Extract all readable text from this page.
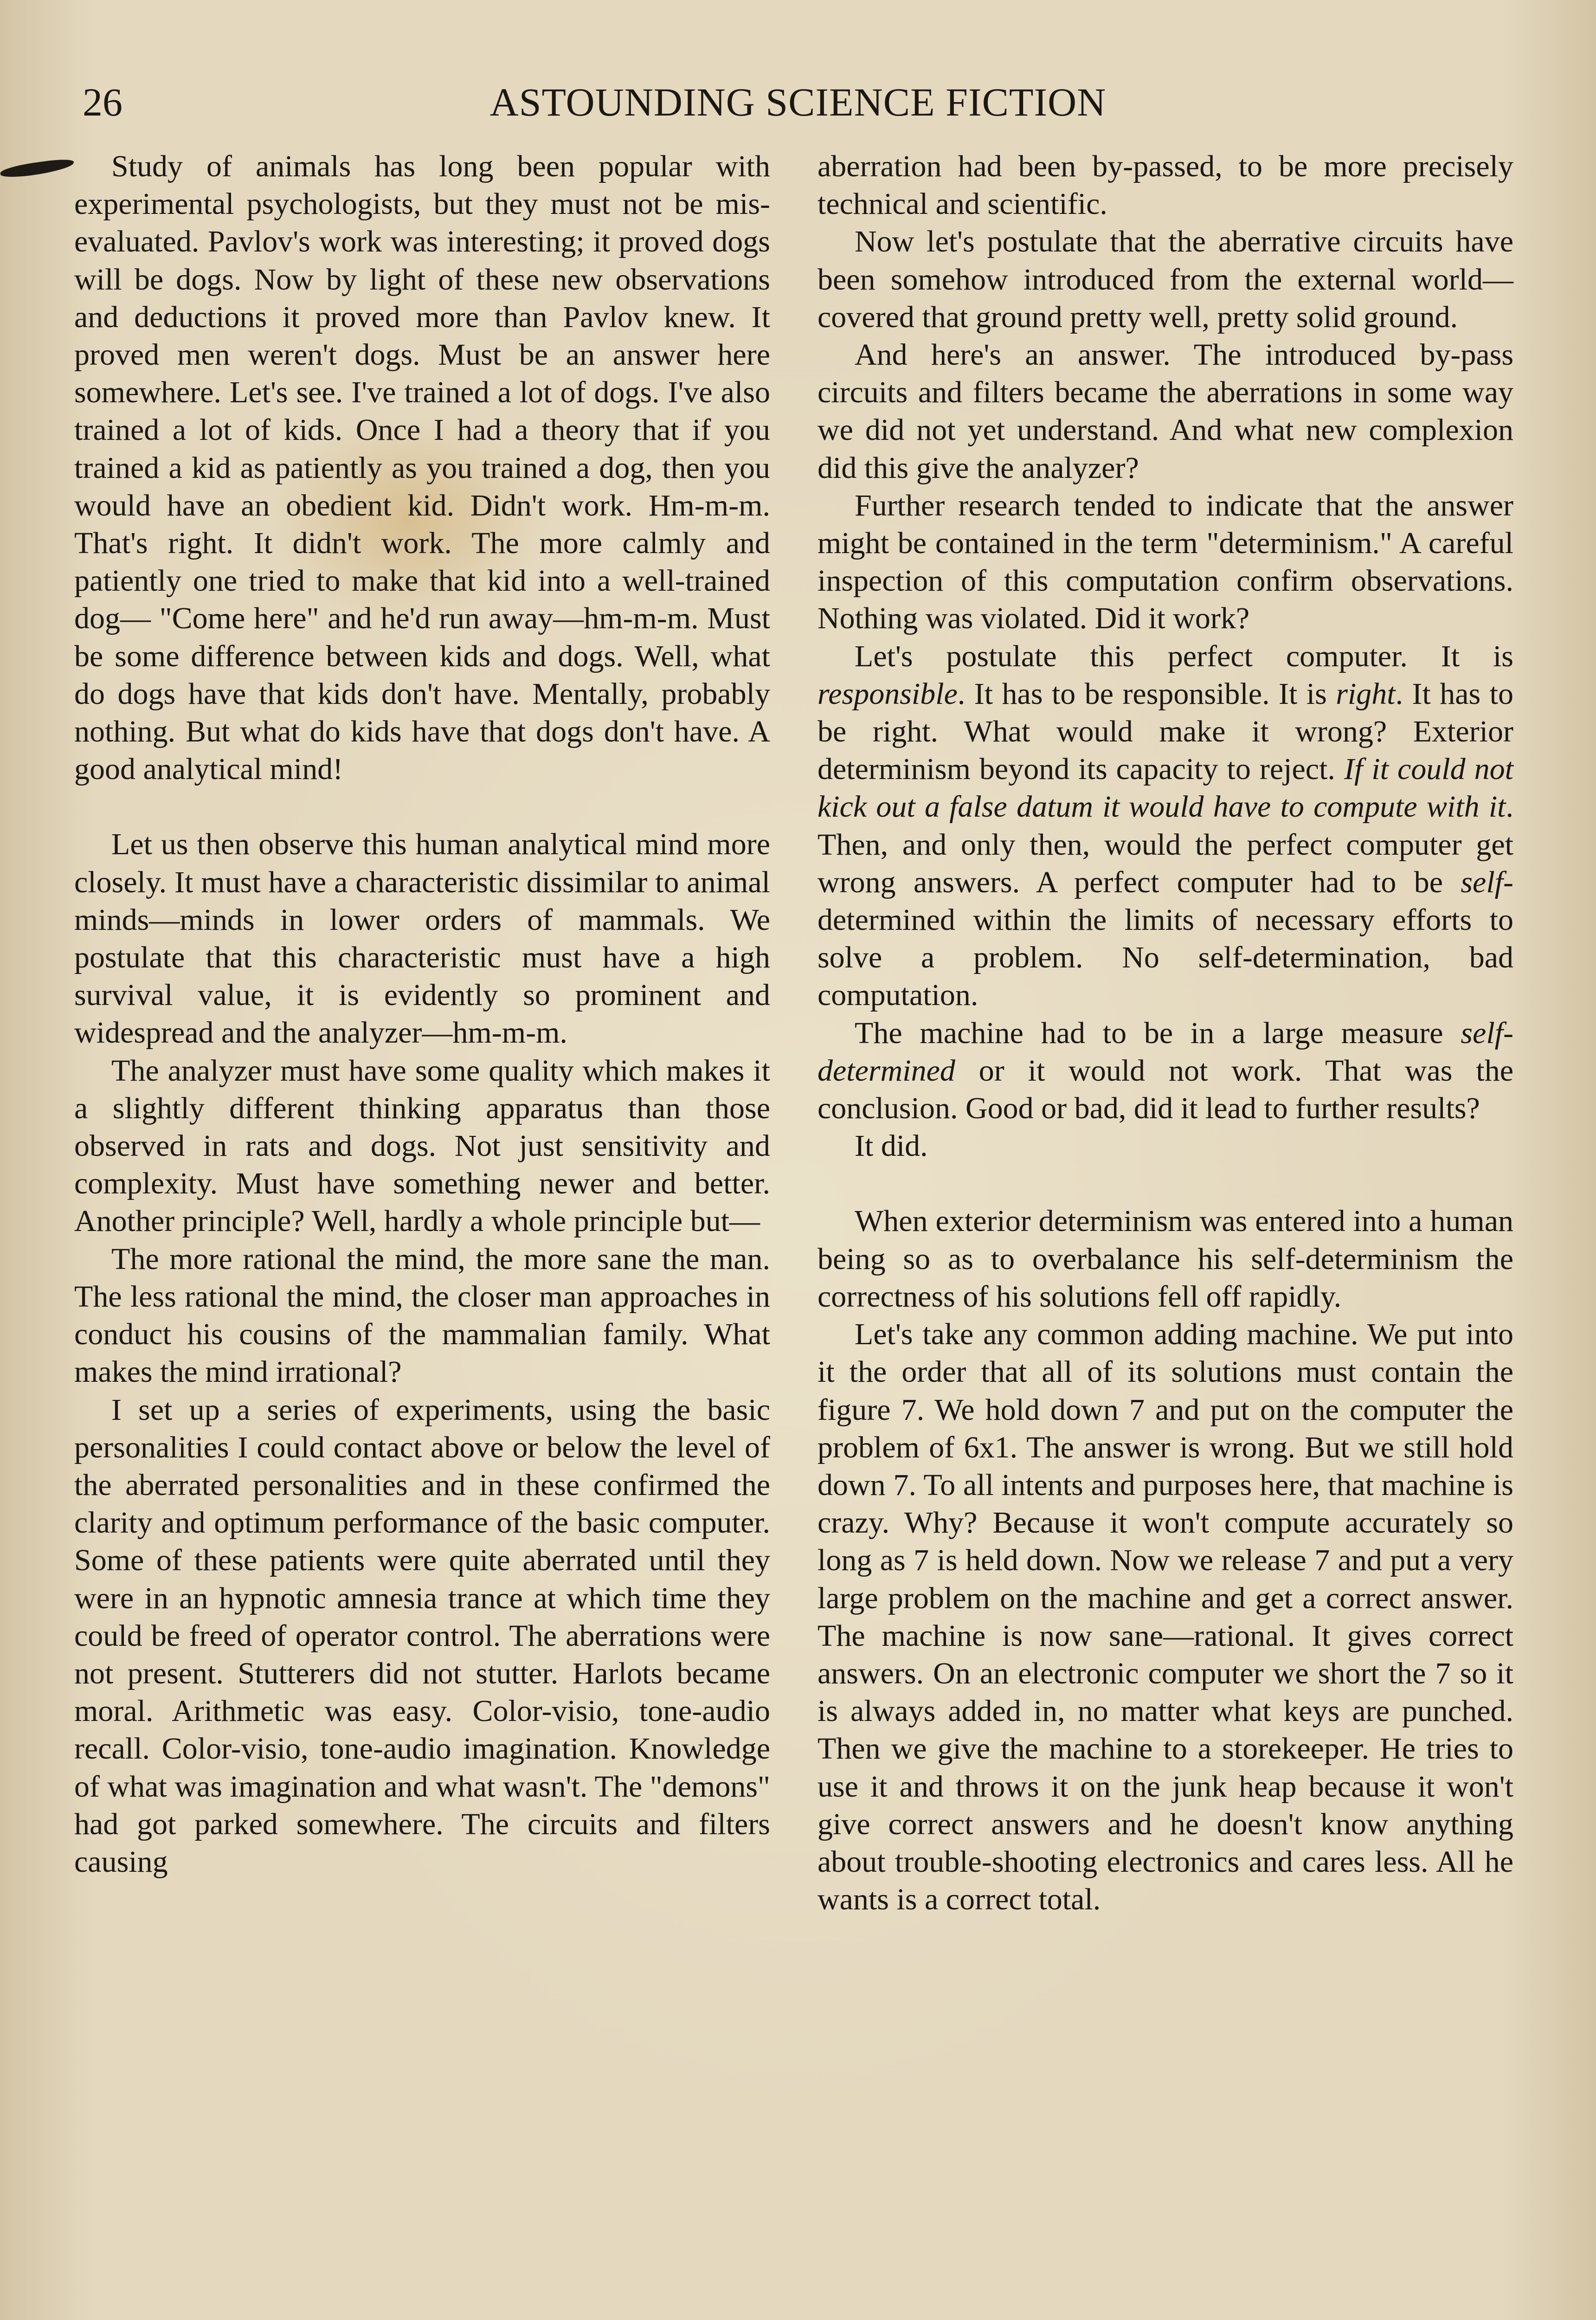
ASTOUNDING SCIENCE FICTION
26

Study of animals has long been popular with experimental psychologists, but they must not be mis-evaluated. Pavlov's work was interesting; it proved dogs will be dogs. Now by light of these new observations and deductions it proved more than Pavlov knew. It proved men weren't dogs. Must be an answer here somewhere. Let's see. I've trained a lot of dogs. I've also trained a lot of kids. Once I had a theory that if you trained a kid as patiently as you trained a dog, then you would have an obedient kid. Didn't work. Hm-m-m. That's right. It didn't work. The more calmly and patiently one tried to make that kid into a well-trained dog— "Come here" and he'd run away—hm-m-m. Must be some difference between kids and dogs. Well, what do dogs have that kids don't have. Mentally, probably nothing. But what do kids have that dogs don't have. A good analytical mind!

Let us then observe this human analytical mind more closely. It must have a characteristic dissimilar to animal minds—minds in lower orders of mammals. We postulate that this characteristic must have a high survival value, it is evidently so prominent and widespread and the analyzer—hm-m-m.

The analyzer must have some quality which makes it a slightly different thinking apparatus than those observed in rats and dogs. Not just sensitivity and complexity. Must have something newer and better. Another principle? Well, hardly a whole principle but—

The more rational the mind, the more sane the man. The less rational the mind, the closer man approaches in conduct his cousins of the mammalian family. What makes the mind irrational?

I set up a series of experiments, using the basic personalities I could contact above or below the level of the aberrated personalities and in these confirmed the clarity and optimum performance of the basic computer. Some of these patients were quite aberrated until they were in an hypnotic amnesia trance at which time they could be freed of operator control. The aberrations were not present. Stutterers did not stutter. Harlots became moral. Arithmetic was easy. Color-visio, tone-audio recall. Color-visio, tone-audio imagination. Knowledge of what was imagination and what wasn't. The "demons" had got parked somewhere. The circuits and filters causing

aberration had been by-passed, to be more precisely technical and scientific.

Now let's postulate that the aberrative circuits have been somehow introduced from the external world—covered that ground pretty well, pretty solid ground.

And here's an answer. The introduced by-pass circuits and filters became the aberrations in some way we did not yet understand. And what new complexion did this give the analyzer?

Further research tended to indicate that the answer might be contained in the term "determinism." A careful inspection of this computation confirm observations. Nothing was violated. Did it work?

Let's postulate this perfect computer. It is responsible. It has to be responsible. It is right. It has to be right. What would make it wrong? Exterior determinism beyond its capacity to reject. If it could not kick out a false datum it would have to compute with it. Then, and only then, would the perfect computer get wrong answers. A perfect computer had to be self-determined within the limits of necessary efforts to solve a problem. No self-determination, bad computation.

The machine had to be in a large measure self-determined or it would not work. That was the conclusion. Good or bad, did it lead to further results?

It did.

When exterior determinism was entered into a human being so as to overbalance his self-determinism the correctness of his solutions fell off rapidly.

Let's take any common adding machine. We put into it the order that all of its solutions must contain the figure 7. We hold down 7 and put on the computer the problem of 6x1. The answer is wrong. But we still hold down 7. To all intents and purposes here, that machine is crazy. Why? Because it won't compute accurately so long as 7 is held down. Now we release 7 and put a very large problem on the machine and get a correct answer. The machine is now sane—rational. It gives correct answers. On an electronic computer we short the 7 so it is always added in, no matter what keys are punched. Then we give the machine to a storekeeper. He tries to use it and throws it on the junk heap because it won't give correct answers and he doesn't know anything about trouble-shooting electronics and cares less. All he wants is a correct total.
